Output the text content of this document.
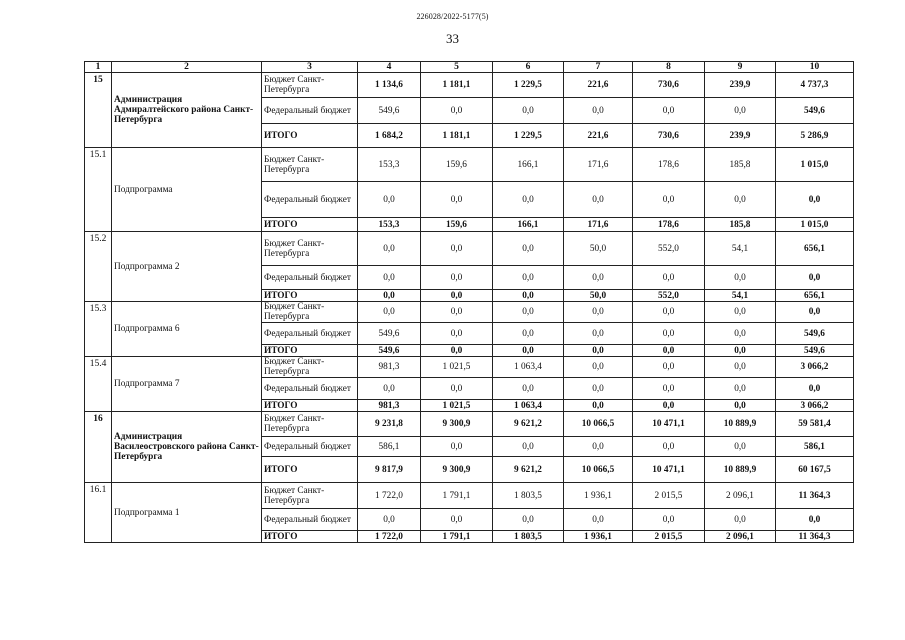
226028/2022-5177(5)
33
1	2	3	4	5	6	7	8	9	10
15	Администрация Адмиралтейского района Санкт-Петербурга	Бюджет Санкт-Петербурга	1 134,6	1 181,1	1 229,5	221,6	730,6	239,9	4 737,3
		Федеральный бюджет	549,6	0,0	0,0	0,0	0,0	0,0	549,6
		ИТОГО	1 684,2	1 181,1	1 229,5	221,6	730,6	239,9	5 286,9
15.1	Подпрограмма	Бюджет Санкт-Петербурга	153,3	159,6	166,1	171,6	178,6	185,8	1 015,0
		Федеральный бюджет	0,0	0,0	0,0	0,0	0,0	0,0	0,0
		ИТОГО	153,3	159,6	166,1	171,6	178,6	185,8	1 015,0
15.2	Подпрограмма 2	Бюджет Санкт-Петербурга	0,0	0,0	0,0	50,0	552,0	54,1	656,1
		Федеральный бюджет	0,0	0,0	0,0	0,0	0,0	0,0	0,0
		ИТОГО	0,0	0,0	0,0	50,0	552,0	54,1	656,1
15.3	Подпрограмма 6	Бюджет Санкт-Петербурга	0,0	0,0	0,0	0,0	0,0	0,0	0,0
		Федеральный бюджет	549,6	0,0	0,0	0,0	0,0	0,0	549,6
		ИТОГО	549,6	0,0	0,0	0,0	0,0	0,0	549,6
15.4	Подпрограмма 7	Бюджет Санкт-Петербурга	981,3	1 021,5	1 063,4	0,0	0,0	0,0	3 066,2
		Федеральный бюджет	0,0	0,0	0,0	0,0	0,0	0,0	0,0
		ИТОГО	981,3	1 021,5	1 063,4	0,0	0,0	0,0	3 066,2
16	Администрация Василеостровского района Санкт-Петербурга	Бюджет Санкт-Петербурга	9 231,8	9 300,9	9 621,2	10 066,5	10 471,1	10 889,9	59 581,4
		Федеральный бюджет	586,1	0,0	0,0	0,0	0,0	0,0	586,1
		ИТОГО	9 817,9	9 300,9	9 621,2	10 066,5	10 471,1	10 889,9	60 167,5
16.1	Подпрограмма 1	Бюджет Санкт-Петербурга	1 722,0	1 791,1	1 803,5	1 936,1	2 015,5	2 096,1	11 364,3
		Федеральный бюджет	0,0	0,0	0,0	0,0	0,0	0,0	0,0
		ИТОГО	1 722,0	1 791,1	1 803,5	1 936,1	2 015,5	2 096,1	11 364,3
